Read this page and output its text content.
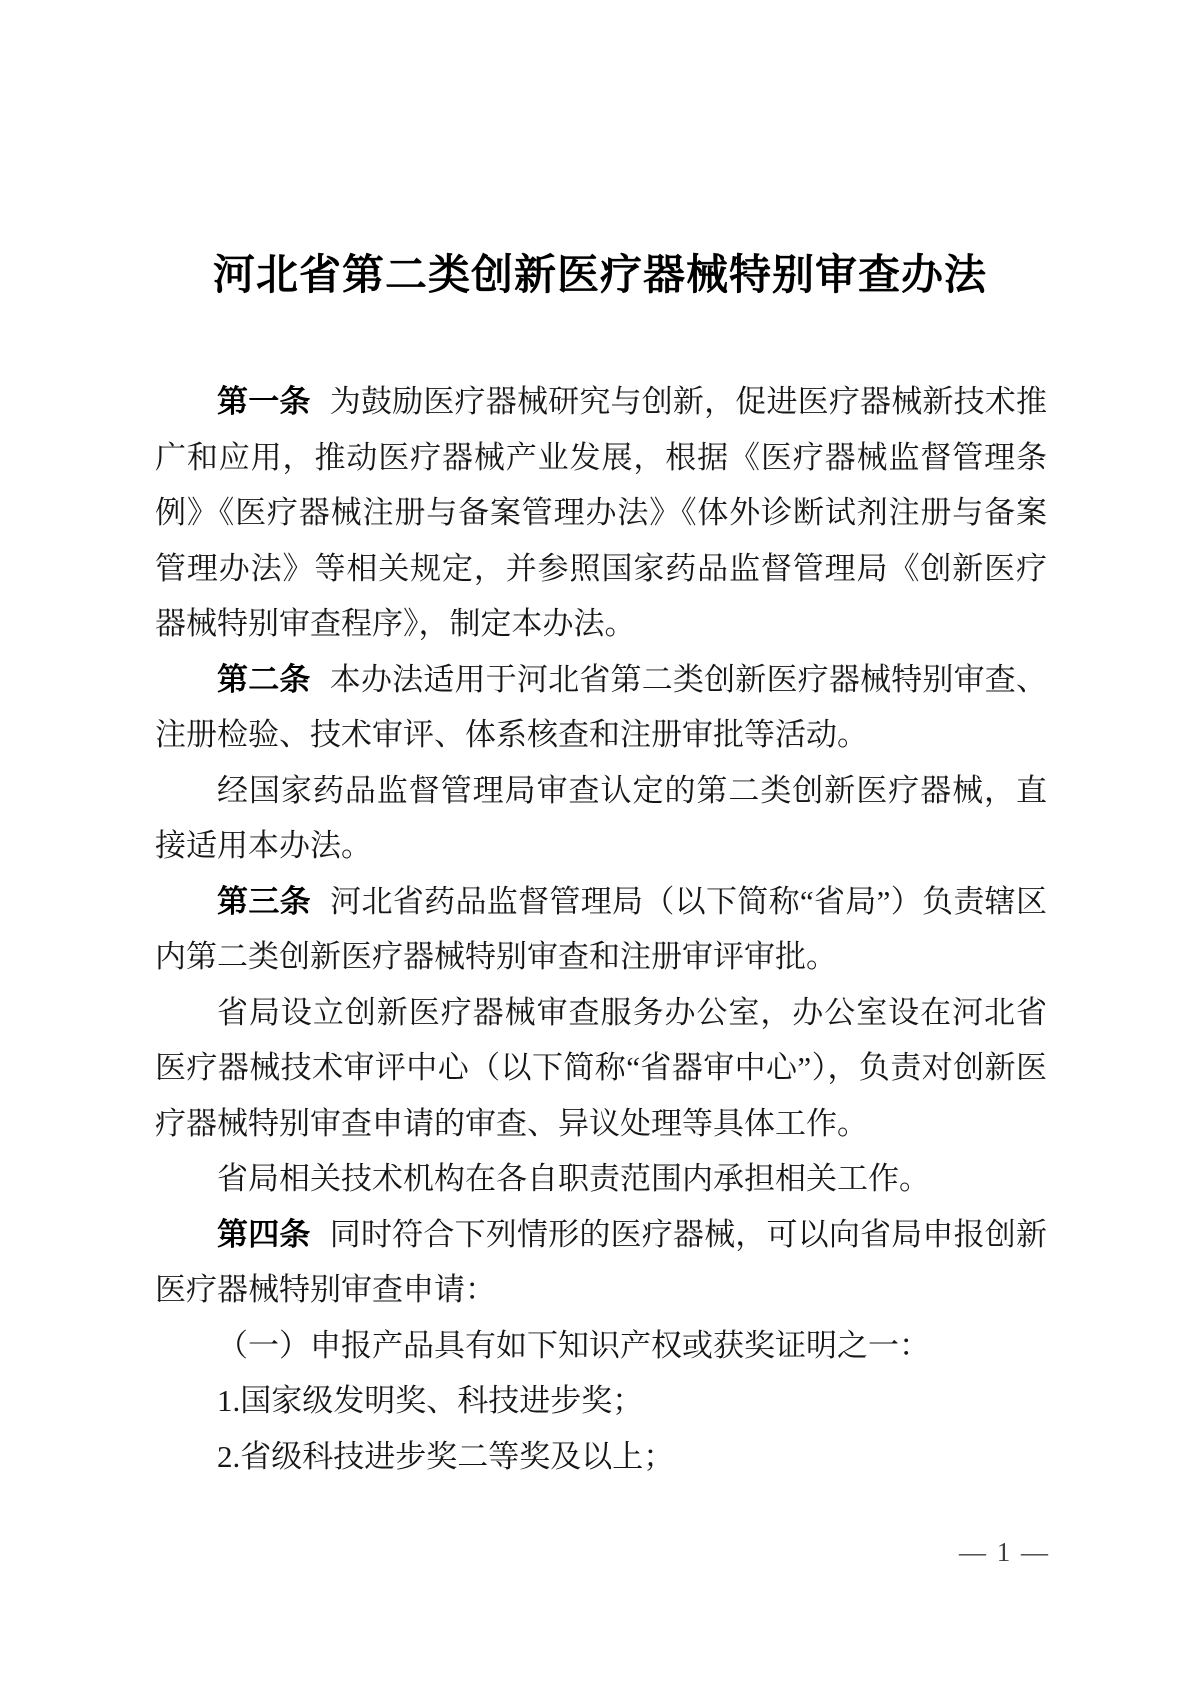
河北省第二类创新医疗器械特别审查办法

第一条 为鼓励医疗器械研究与创新，促进医疗器械新技术推广和应用，推动医疗器械产业发展，根据《医疗器械监督管理条例》《医疗器械注册与备案管理办法》《体外诊断试剂注册与备案管理办法》等相关规定，并参照国家药品监督管理局《创新医疗器械特别审查程序》，制定本办法。

第二条 本办法适用于河北省第二类创新医疗器械特别审查、注册检验、技术审评、体系核查和注册审批等活动。

经国家药品监督管理局审查认定的第二类创新医疗器械，直接适用本办法。

第三条 河北省药品监督管理局（以下简称“省局”）负责辖区内第二类创新医疗器械特别审查和注册审评审批。

省局设立创新医疗器械审查服务办公室，办公室设在河北省医疗器械技术审评中心（以下简称“省器审中心”），负责对创新医疗器械特别审查申请的审查、异议处理等具体工作。

省局相关技术机构在各自职责范围内承担相关工作。

第四条 同时符合下列情形的医疗器械，可以向省局申报创新医疗器械特别审查申请：

（一）申报产品具有如下知识产权或获奖证明之一：

1.国家级发明奖、科技进步奖；

2.省级科技进步奖二等奖及以上；

— 1 —
